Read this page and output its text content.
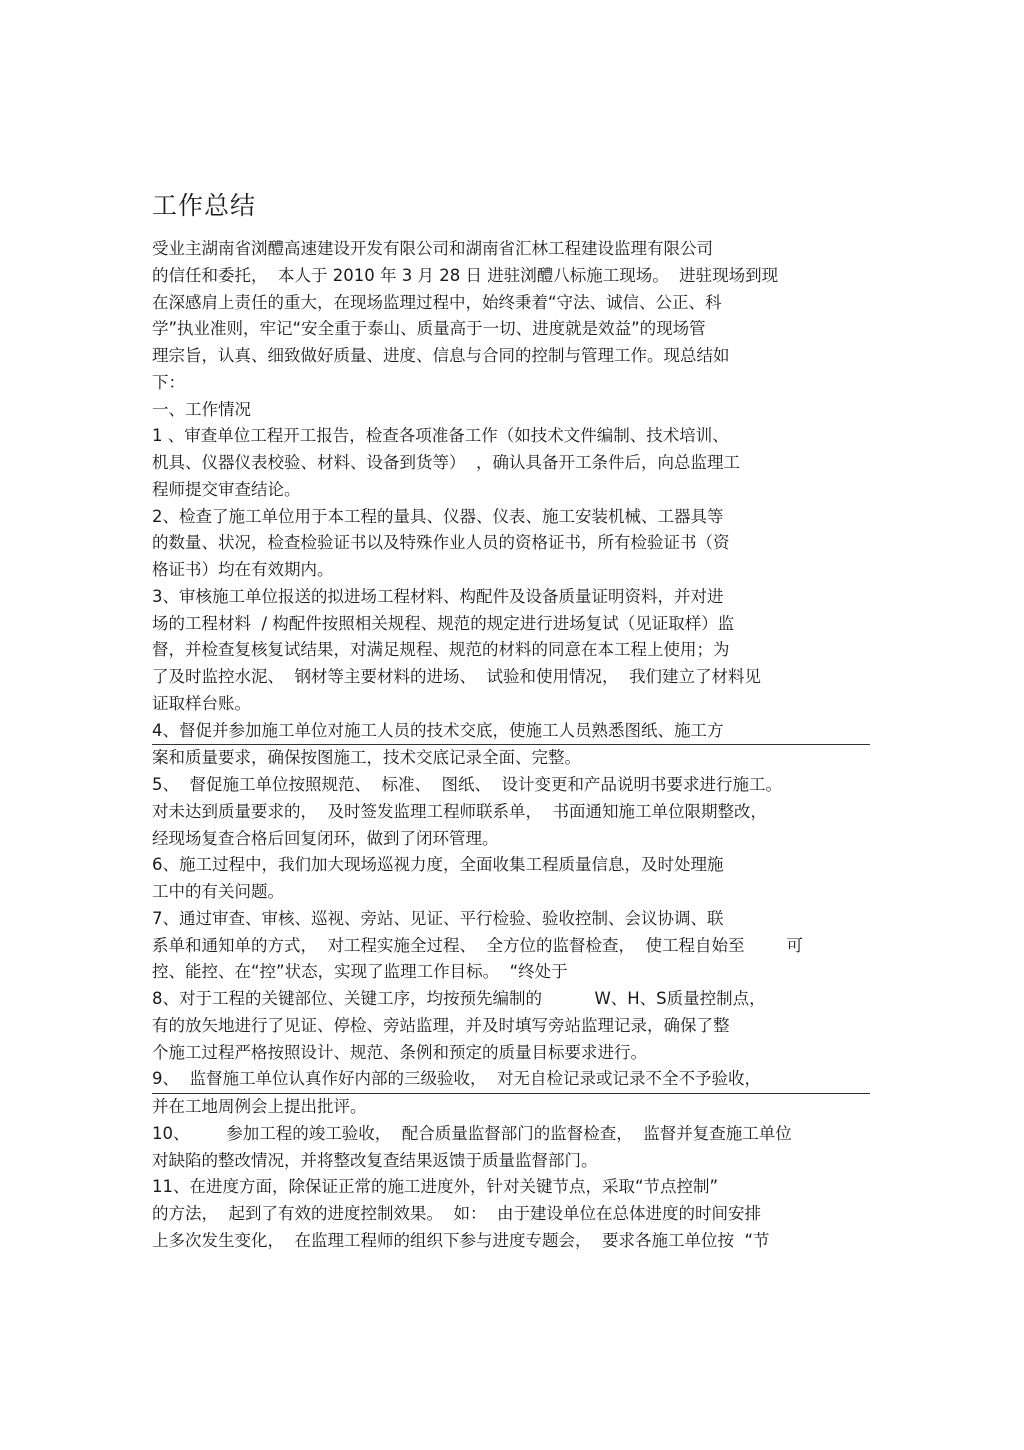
工作总结
受业主湖南省浏醴高速建设开发有限公司和湖南省汇林工程建设监理有限公司
的信任和委托，  本人于 2010 年 3 月 28 日 进驻浏醴八标施工现场。  进驻现场到现
在深感肩上责任的重大，在现场监理过程中，始终秉着“守法、诚信、公正、科
学”执业准则，牢记“安全重于泰山、质量高于一切、进度就是效益”的现场管
理宗旨，认真、细致做好质量、进度、信息与合同的控制与管理工作。现总结如
下：
一、工作情况
1 、审查单位工程开工报告，检查各项准备工作（如技术文件编制、技术培训、
机具、仪器仪表校验、材料、设备到货等）  ，确认具备开工条件后，向总监理工
程师提交审查结论。
2、检查了施工单位用于本工程的量具、仪器、仪表、施工安装机械、工器具等
的数量、状况，检查检验证书以及特殊作业人员的资格证书，所有检验证书（资
格证书）均在有效期内。
3、审核施工单位报送的拟进场工程材料、构配件及设备质量证明资料，并对进
场的工程材料  / 构配件按照相关规程、规范的规定进行进场复试（见证取样）监
督，并检查复核复试结果，对满足规程、规范的材料的同意在本工程上使用；为
了及时监控水泥、  钢材等主要材料的进场、  试验和使用情况，  我们建立了材料见
证取样台账。
4、督促并参加施工单位对施工人员的技术交底，使施工人员熟悉图纸、施工方
案和质量要求，确保按图施工，技术交底记录全面、完整。
5、  督促施工单位按照规范、  标准、  图纸、  设计变更和产品说明书要求进行施工。
对未达到质量要求的，  及时签发监理工程师联系单，  书面通知施工单位限期整改，
经现场复查合格后回复闭环，做到了闭环管理。
6、施工过程中，我们加大现场巡视力度，全面收集工程质量信息，及时处理施
工中的有关问题。
7、通过审查、审核、巡视、旁站、见证、平行检验、验收控制、会议协调、联
系单和通知单的方式，  对工程实施全过程、  全方位的监督检查，  使工程自始至        可
控、能控、在“控”状态，实现了监理工作目标。  “终处于
8、对于工程的关键部位、关键工序，均按预先编制的          W、H、S质量控制点，
有的放矢地进行了见证、停检、旁站监理，并及时填写旁站监理记录，确保了整
个施工过程严格按照设计、规范、条例和预定的质量目标要求进行。
9、  监督施工单位认真作好内部的三级验收，  对无自检记录或记录不全不予验收，
并在工地周例会上提出批评。
10、       参加工程的竣工验收，  配合质量监督部门的监督检查，  监督并复查施工单位
对缺陷的整改情况，并将整改复查结果返馈于质量监督部门。
11、在进度方面，除保证正常的施工进度外，针对关键节点，采取“节点控制”
的方法，  起到了有效的进度控制效果。  如：  由于建设单位在总体进度的时间安排
上多次发生变化，  在监理工程师的组织下参与进度专题会，  要求各施工单位按  “节
